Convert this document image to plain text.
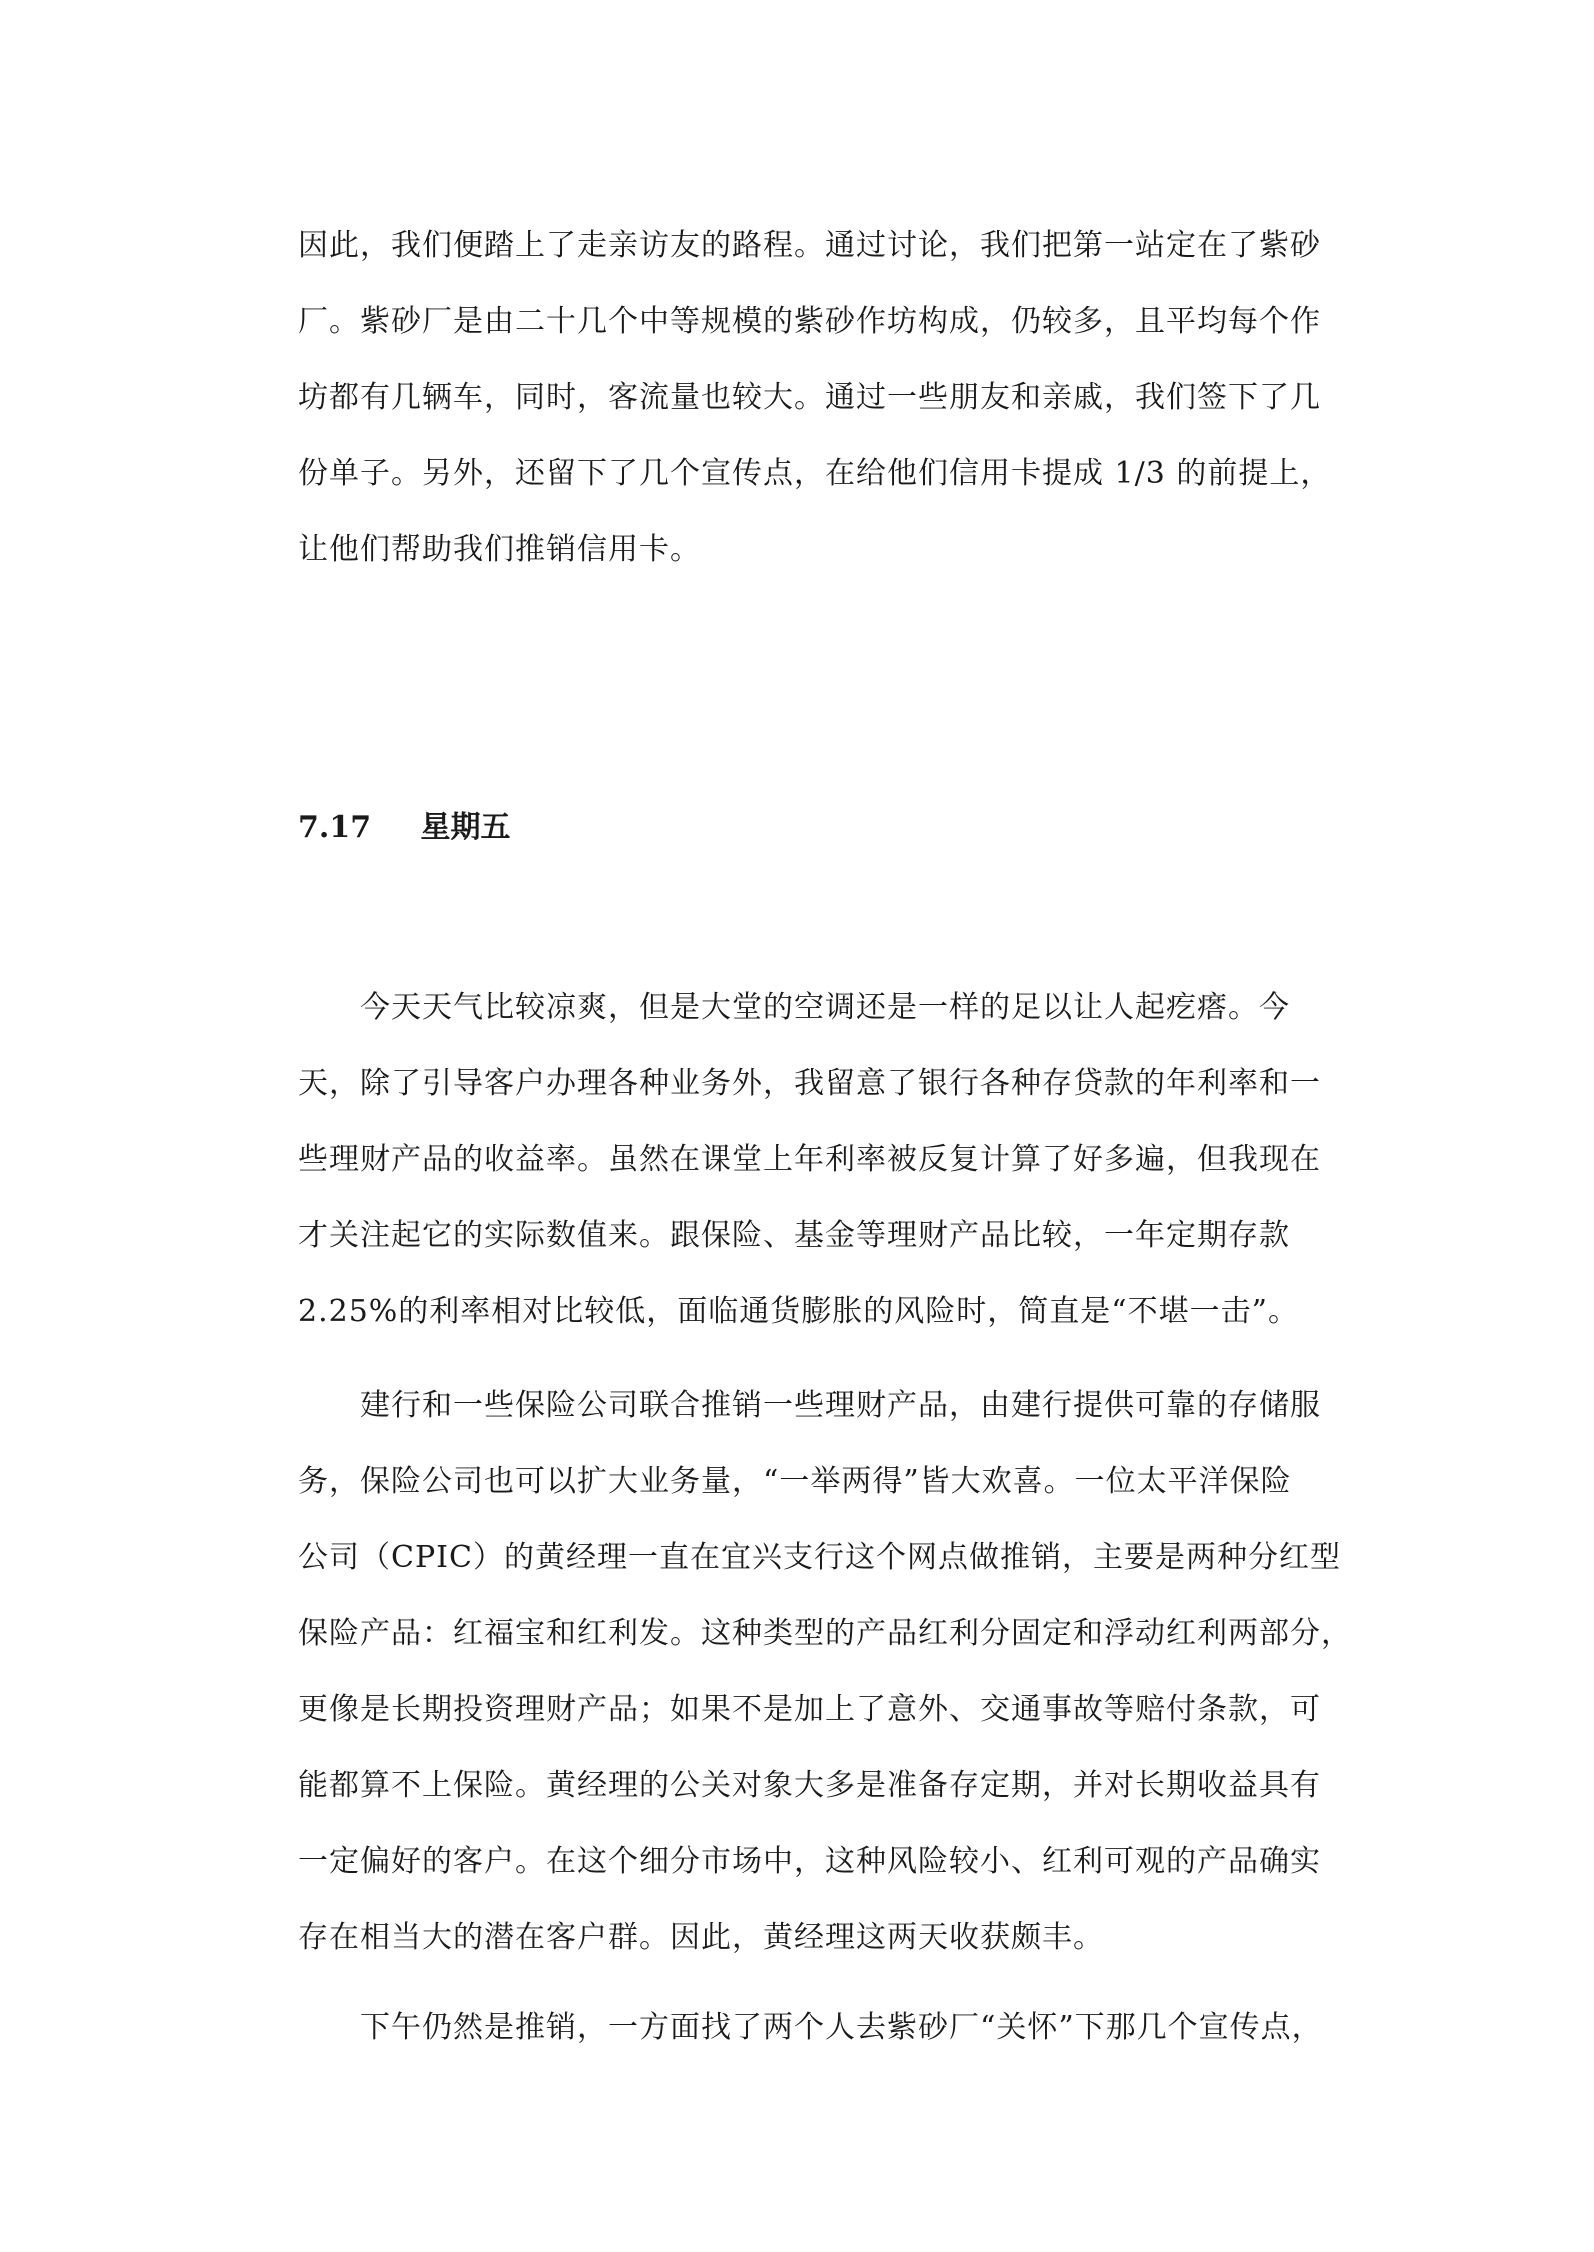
因此，我们便踏上了走亲访友的路程。通过讨论，我们把第一站定在了紫砂
厂。紫砂厂是由二十几个中等规模的紫砂作坊构成，仍较多，且平均每个作
坊都有几辆车，同时，客流量也较大。通过一些朋友和亲戚，我们签下了几
份单子。另外，还留下了几个宣传点，在给他们信用卡提成 1/3 的前提上，
让他们帮助我们推销信用卡。
7.17 星期五
今天天气比较凉爽，但是大堂的空调还是一样的足以让人起疙瘩。今
天，除了引导客户办理各种业务外，我留意了银行各种存贷款的年利率和一
些理财产品的收益率。虽然在课堂上年利率被反复计算了好多遍，但我现在
才关注起它的实际数值来。跟保险、基金等理财产品比较，一年定期存款
2.25%的利率相对比较低，面临通货膨胀的风险时，简直是“不堪一击”。
建行和一些保险公司联合推销一些理财产品，由建行提供可靠的存储服
务，保险公司也可以扩大业务量，“一举两得”皆大欢喜。一位太平洋保险
公司（CPIC）的黄经理一直在宜兴支行这个网点做推销，主要是两种分红型
保险产品：红福宝和红利发。这种类型的产品红利分固定和浮动红利两部分，
更像是长期投资理财产品；如果不是加上了意外、交通事故等赔付条款，可
能都算不上保险。黄经理的公关对象大多是准备存定期，并对长期收益具有
一定偏好的客户。在这个细分市场中，这种风险较小、红利可观的产品确实
存在相当大的潜在客户群。因此，黄经理这两天收获颇丰。
下午仍然是推销，一方面找了两个人去紫砂厂“关怀”下那几个宣传点，
